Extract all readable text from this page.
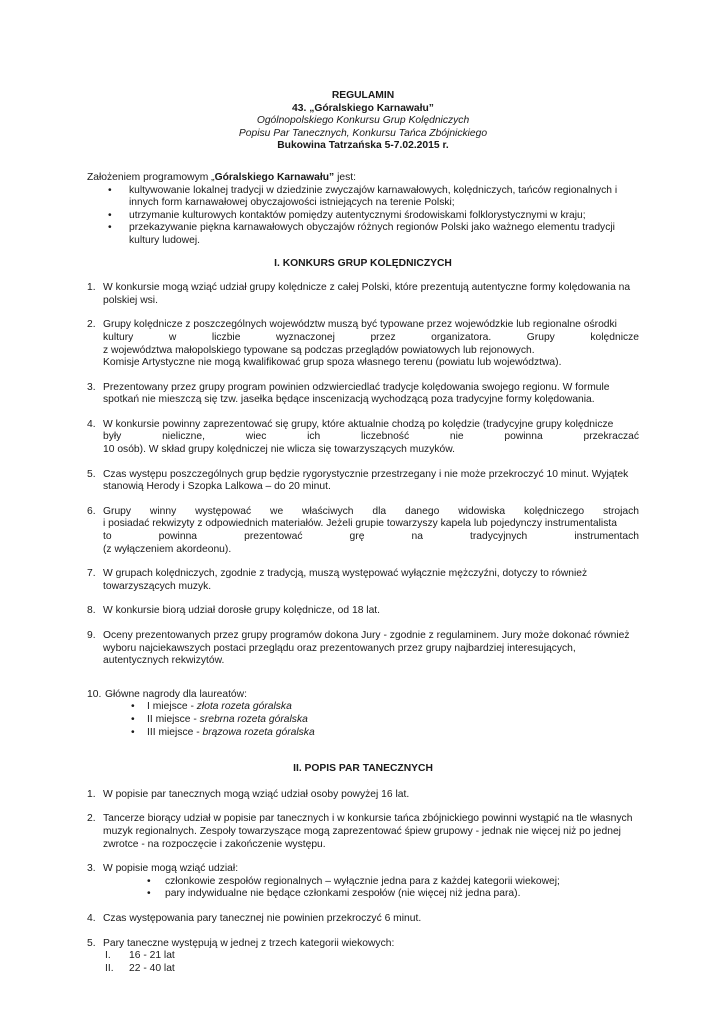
REGULAMIN

43. „Góralskiego Karnawału”

Ogólnopolskiego Konkursu Grup Kolędniczych

Popisu Par Tanecznych, Konkursu Tańca Zbójnickiego

Bukowina Tatrzańska 5-7.02.2015 r.

Założeniem programowym „Góralskiego Karnawału” jest:

• kultywowanie lokalnej tradycji w dziedzinie zwyczajów karnawałowych, kolędniczych, tańców regionalnych i innych form karnawałowej obyczajowości istniejących na terenie Polski;
• utrzymanie kulturowych kontaktów pomiędzy autentycznymi środowiskami folklorystycznymi w kraju;
• przekazywanie piękna karnawałowych obyczajów różnych regionów Polski jako ważnego elementu tradycji kultury ludowej.

I. KONKURS GRUP KOLĘDNICZYCH

1. W konkursie mogą wziąć udział grupy kolędnicze z całej Polski, które prezentują autentyczne formy kolędowania na polskiej wsi.

2. Grupy kolędnicze z poszczególnych województw muszą być typowane przez wojewódzkie lub regionalne ośrodki

kultury w liczbie wyznaczonej przez organizatora. Grupy kolędnicze

z województwa małopolskiego typowane są podczas przeglądów powiatowych lub rejonowych.

Komisje Artystyczne nie mogą kwalifikować grup spoza własnego terenu (powiatu lub województwa).

3. Prezentowany przez grupy program powinien odzwierciedlać tradycje kolędowania swojego regionu. W formule spotkań nie mieszczą się tzw. jasełka będące inscenizacją wychodzącą poza tradycyjne formy kolędowania.

4. W konkursie powinny zaprezentować się grupy, które aktualnie chodzą po kolędzie (tradycyjne grupy kolędnicze

były nieliczne, wiec ich liczebność nie powinna przekraczać

10 osób). W skład grupy kolędniczej nie wlicza się towarzyszących muzyków.

5. Czas występu poszczególnych grup będzie rygorystycznie przestrzegany i nie może przekroczyć 10 minut. Wyjątek stanowią Herody i Szopka Lalkowa – do 20 minut.

6. Grupy winny występować we właściwych dla danego widowiska kolędniczego strojach

i posiadać rekwizyty z odpowiednich materiałów. Jeżeli grupie towarzyszy kapela lub pojedynczy instrumentalista

to powinna prezentować grę na tradycyjnych instrumentach

(z wyłączeniem akordeonu).

7. W grupach kolędniczych, zgodnie z tradycją, muszą występować wyłącznie mężczyźni, dotyczy to również towarzyszących muzyk.

8. W konkursie biorą udział dorosłe grupy kolędnicze, od 18 lat.

9. Oceny prezentowanych przez grupy programów dokona Jury - zgodnie z regulaminem. Jury może dokonać również wyboru najciekawszych postaci przeglądu oraz prezentowanych przez grupy najbardziej interesujących, autentycznych rekwizytów.

10. Główne nagrody dla laureatów:

• I miejsce - złota rozeta góralska
• II miejsce - srebrna rozeta góralska
• III miejsce - brązowa rozeta góralska

II. POPIS PAR TANECZNYCH

1. W popisie par tanecznych mogą wziąć udział osoby powyżej 16 lat.

2. Tancerze biorący udział w popisie par tanecznych i w konkursie tańca zbójnickiego powinni wystąpić na tle własnych muzyk regionalnych. Zespoły towarzyszące mogą zaprezentować śpiew grupowy - jednak nie więcej niż po jednej zwrotce - na rozpoczęcie i zakończenie występu.

3. W popisie mogą wziąć udział:

• członkowie zespołów regionalnych – wyłącznie jedna para z każdej kategorii wiekowej;
• pary indywidualne nie będące członkami zespołów (nie więcej niż jedna para).
4. Czas występowania pary tanecznej nie powinien przekroczyć 6 minut.

5. Pary taneczne występują w jednej z trzech kategorii wiekowych:

I. 16 - 21 lat
II. 22 - 40 lat
